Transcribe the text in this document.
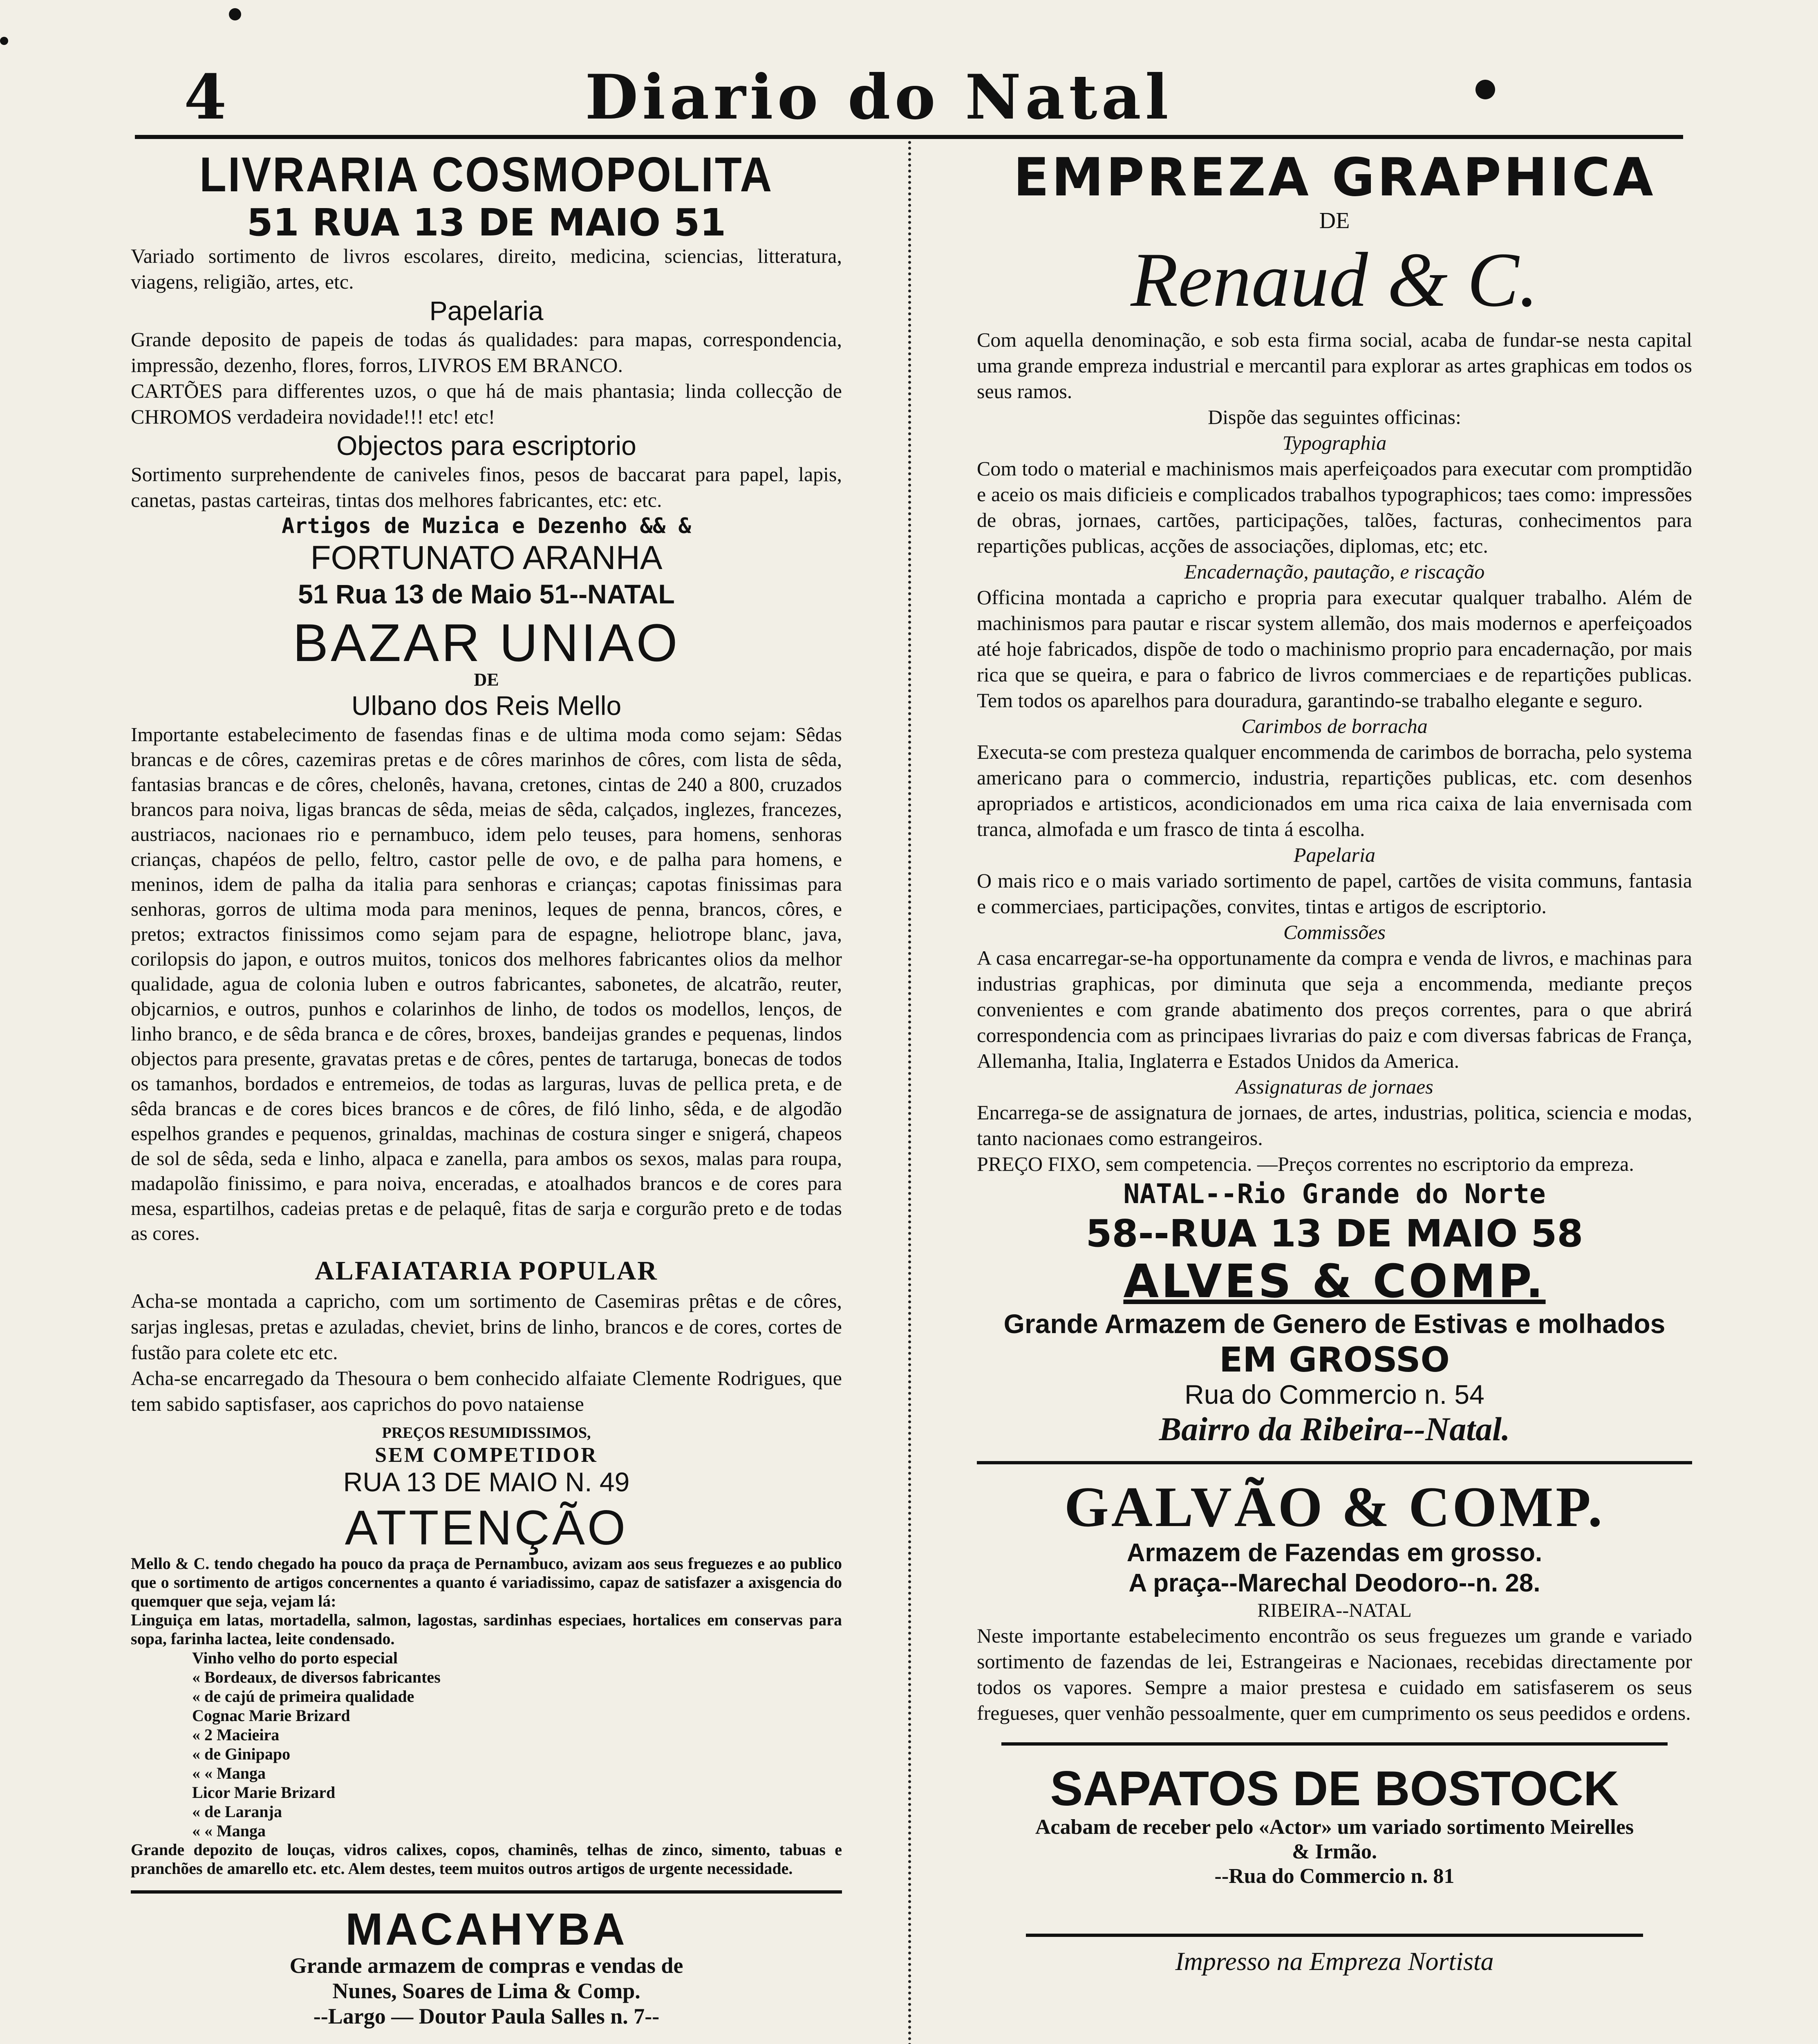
4	Diario do Natal
LIVRARIA COSMOPOLITA
51 RUA 13 DE MAIO 51

Variado sortimento de livros escolares, direito, medicina, sciencias, litteratura, viagens, religião, artes, etc.

Papelaria

Grande deposito de papeis de todas ás qualidades: para mapas, correspondencia, impressão, dezenho, flores, forros, LIVROS EM BRANCO.

CARTÕES para differentes uzos, o que há de mais phantasia; linda collecção de CHROMOS verdadeira novidade!!! etc! etc!

Objectos para escriptorio

Sortimento surprehendente de caniveles finos, pesos de baccarat para papel, lapis, canetas, pastas carteiras, tintas dos melhores fabricantes, etc: etc.

Artigos de Muzica e Dezenho && &
FORTUNATO ARANHA
51 Rua 13 de Maio 51--NATAL
BAZAR UNIAO
DE
Ulbano dos Reis Mello

Importante estabelecimento de fasendas finas e de ultima moda como sejam: Sêdas brancas e de côres, cazemiras pretas e de côres marinhos de côres, com lista de sêda, fantasias brancas e de côres, chelonês, havana, cretones, cintas de 240 a 800, cruzados brancos para noiva, ligas brancas de sêda, meias de sêda, calçados, inglezes, francezes, austriacos, nacionaes rio e pernambuco, idem pelo teuses, para homens, senhoras crianças, chapéos de pello, feltro, castor pelle de ovo, e de palha para homens, e meninos, idem de palha da italia para senhoras e crianças; capotas finissimas para senhoras, gorros de ultima moda para meninos, leques de penna, brancos, côres, e pretos; extractos finissimos como sejam para de espagne, heliotrope blanc, java, corilopsis do japon, e outros muitos, tonicos dos melhores fabricantes olios da melhor qualidade, agua de colonia luben e outros fabricantes, sabonetes, de alcatrão, reuter, objcarnios, e outros, punhos e colarinhos de linho, de todos os modellos, lenços, de linho branco, e de sêda branca e de côres, broxes, bandeijas grandes e pequenas, lindos objectos para presente, gravatas pretas e de côres, pentes de tartaruga, bonecas de todos os tamanhos, bordados e entremeios, de todas as larguras, luvas de pellica preta, e de sêda brancas e de cores bices brancos e de côres, de filó linho, sêda, e de algodão espelhos grandes e pequenos, grinaldas, machinas de costura singer e snigerá, chapeos de sol de sêda, seda e linho, alpaca e zanella, para ambos os sexos, malas para roupa, madapolão finissimo, e para noiva, enceradas, e atoalhados brancos e de cores para mesa, espartilhos, cadeias pretas e de pelaquê, fitas de sarja e corgurão preto e de todas as cores.

ALFAIATARIA POPULAR

Acha-se montada a capricho, com um sortimento de Casemiras prêtas e de côres, sarjas inglesas, pretas e azuladas, cheviet, brins de linho, brancos e de cores, cortes de fustão para colete etc etc.

Acha-se encarregado da Thesoura o bem conhecido alfaiate Clemente Rodrigues, que tem sabido saptisfaser, aos caprichos do povo nataiense

PREÇOS RESUMIDISSIMOS,
SEM COMPETIDOR
RUA 13 DE MAIO N. 49
ATTENÇÃO

Mello & C. tendo chegado ha pouco da praça de Pernambuco, avizam aos seus freguezes e ao publico que o sortimento de artigos concernentes a quanto é variadissimo, capaz de satisfazer a axisgencia do quemquer que seja, vejam lá:

Linguiça em latas, mortadella, salmon, lagostas, sardinhas especiaes, hortalices em conservas para sopa, farinha lactea, leite condensado.

Vinho velho do porto especial
« Bordeaux, de diversos fabricantes
« de cajú de primeira qualidade
Cognac Marie Brizard
« 2 Macieira
« de Ginipapo
« « Manga
Licor Marie Brizard
« de Laranja
« « Manga

Grande depozito de louças, vidros calixes, copos, chaminês, telhas de zinco, simento, tabuas e pranchões de amarello etc. etc. Alem destes, teem muitos outros artigos de urgente necessidade.

MACAHYBA
Grande armazem de compras e vendas de
Nunes, Soares de Lima & Comp.
--Largo — Doutor Paula Salles n. 7--
EMPREZA GRAPHICA
DE
Renaud & C.

Com aquella denominação, e sob esta firma social, acaba de fundar-se nesta capital uma grande empreza industrial e mercantil para explorar as artes graphicas em todos os seus ramos.

Dispõe das seguintes officinas:

Typographia

Com todo o material e machinismos mais aperfeiçoados para executar com promptidão e aceio os mais dificieis e complicados trabalhos typographicos; taes como: impressões de obras, jornaes, cartões, participações, talões, facturas, conhecimentos para repartições publicas, acções de associações, diplomas, etc; etc.

Encadernação, pautação, e riscação

Officina montada a capricho e propria para executar qualquer trabalho. Além de machinismos para pautar e riscar system allemão, dos mais modernos e aperfeiçoados até hoje fabricados, dispõe de todo o machinismo proprio para encadernação, por mais rica que se queira, e para o fabrico de livros commerciaes e de repartições publicas. Tem todos os aparelhos para douradura, garantindo-se trabalho elegante e seguro.

Carimbos de borracha

Executa-se com presteza qualquer encommenda de carimbos de borracha, pelo systema americano para o commercio, industria, repartições publicas, etc. com desenhos apropriados e artisticos, acondicionados em uma rica caixa de laia envernisada com tranca, almofada e um frasco de tinta á escolha.

Papelaria

O mais rico e o mais variado sortimento de papel, cartões de visita communs, fantasia e commerciaes, participações, convites, tintas e artigos de escriptorio.

Commissões

A casa encarregar-se-ha opportunamente da compra e venda de livros, e machinas para industrias graphicas, por diminuta que seja a encommenda, mediante preços convenientes e com grande abatimento dos preços correntes, para o que abrirá correspondencia com as principaes livrarias do paiz e com diversas fabricas de França, Allemanha, Italia, Inglaterra e Estados Unidos da America.

Assignaturas de jornaes

Encarrega-se de assignatura de jornaes, de artes, industrias, politica, sciencia e modas, tanto nacionaes como estrangeiros.

PREÇO FIXO, sem competencia. —Preços correntes no escriptorio da empreza.

NATAL--Rio Grande do Norte
58--RUA 13 DE MAIO 58
ALVES & COMP.
Grande Armazem de Genero de Estivas e molhados
EM GROSSO
Rua do Commercio n. 54
Bairro da Ribeira--Natal.
GALVÃO & COMP.
Armazem de Fazendas em grosso.
A praça--Marechal Deodoro--n. 28.
RIBEIRA--NATAL

Neste importante estabelecimento encontrão os seus freguezes um grande e variado sortimento de fazendas de lei, Estrangeiras e Nacionaes, recebidas directamente por todos os vapores. Sempre a maior prestesa e cuidado em satisfaserem os seus fregueses, quer venhão pessoalmente, quer em cumprimento os seus peedidos e ordens.

SAPATOS DE BOSTOCK

Acabam de receber pelo «Actor» um variado sortimento Meirelles & Irmão.

--Rua do Commercio n. 81
Impresso na Empreza Nortista
